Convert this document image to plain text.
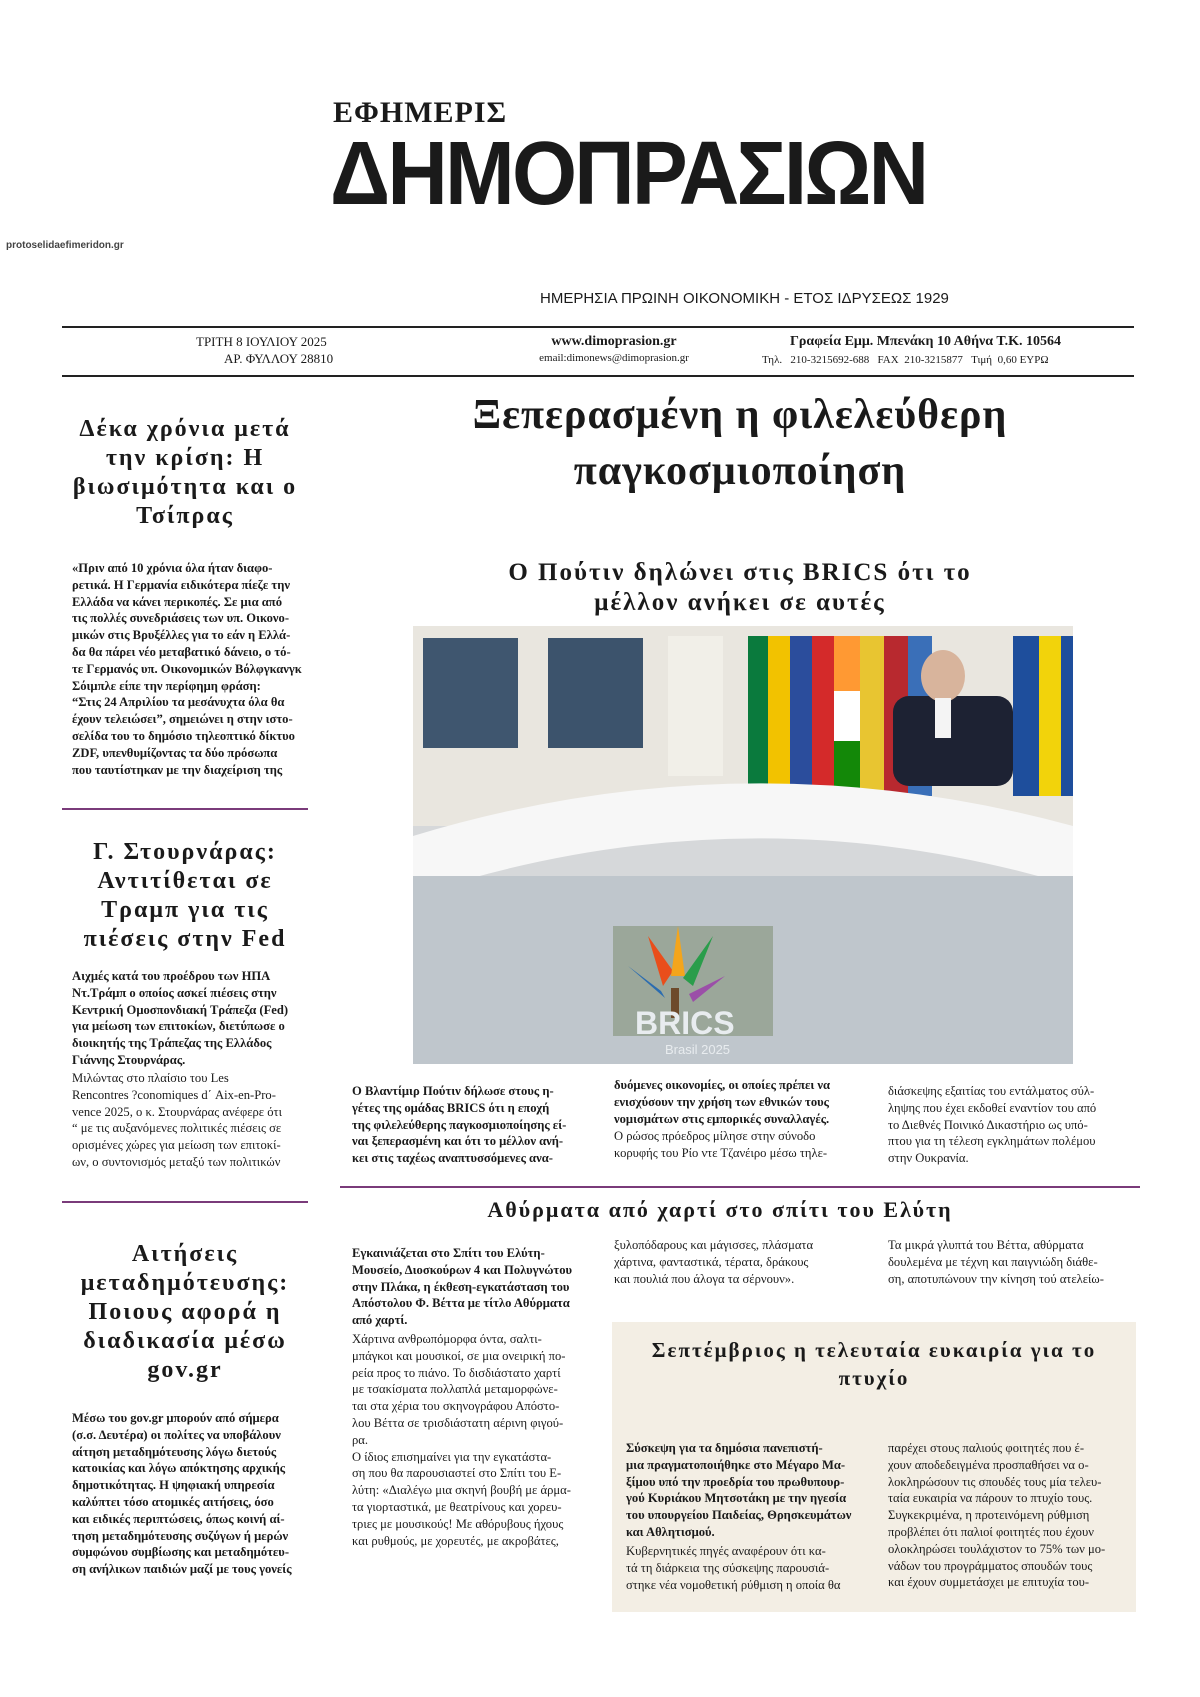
protoselidaefimeridon.gr
ΕΦΗΜΕΡΙΣ
ΔΗΜΟΠΡΑΣΙΩΝ
ΗΜΕΡΗΣΙΑ ΠΡΩΙΝΗ ΟΙΚΟΝΟΜΙΚΗ - ΕΤΟΣ ΙΔΡΥΣΕΩΣ 1929
ΤΡΙΤΗ 8 ΙΟΥΛΙΟΥ 2025
ΑΡ. ΦΥΛΛΟΥ 28810
www.dimoprasion.gr
email:dimonews@dimoprasion.gr
Γραφεία Εμμ. Μπενάκη 10 Αθήνα Τ.Κ. 10564
Τηλ. 210-3215692-688 FAX 210-3215877 Τιμή 0,60 ΕΥΡΩ
Δέκα χρόνια μετά την κρίση: Η βιωσιμότητα και ο Τσίπρας
«Πριν από 10 χρόνια όλα ήταν διαφο-
ρετικά. Η Γερμανία ειδικότερα πίεζε την
Ελλάδα να κάνει περικοπές. Σε μια από
τις πολλές συνεδριάσεις των υπ. Οικονο-
μικών στις Βρυξέλλες για το εάν η Ελλά-
δα θα πάρει νέο μεταβατικό δάνειο, ο τό-
τε Γερμανός υπ. Οικονομικών Βόλφγκανγκ
Σόιμπλε είπε την περίφημη φράση:
“Στις 24 Απριλίου τα μεσάνυχτα όλα θα
έχουν τελειώσει”, σημειώνει η στην ιστο-
σελίδα του το δημόσιο τηλεοπτικό δίκτυο
ZDF, υπενθυμίζοντας τα δύο πρόσωπα
που ταυτίστηκαν με την διαχείριση της
Γ. Στουρνάρας: Αντιτίθεται σε Τραμπ για τις πιέσεις στην Fed
Αιχμές κατά του προέδρου των ΗΠΑ
Ντ.Τράμπ ο οποίος ασκεί πιέσεις στην
Κεντρική Ομοσπονδιακή Τράπεζα (Fed)
για μείωση των επιτοκίων, διετύπωσε ο
διοικητής της Τράπεζας της Ελλάδος
Γιάννης Στουρνάρας.
Μιλώντας στο πλαίσιο του Les
Rencontres ?conomiques d΄ Aix-en-Pro-
vence 2025, ο κ. Στουρνάρας ανέφερε ότι
“ με τις αυξανόμενες πολιτικές πιέσεις σε
ορισμένες χώρες για μείωση των επιτοκί-
ων, ο συντονισμός μεταξύ των πολιτικών
Αιτήσεις μεταδημότευσης: Ποιους αφορά η διαδικασία μέσω gov.gr
Μέσω του gov.gr μπορούν από σήμερα
(σ.σ. Δευτέρα) οι πολίτες να υποβάλουν
αίτηση μεταδημότευσης λόγω διετούς
κατοικίας και λόγω απόκτησης αρχικής
δημοτικότητας. Η ψηφιακή υπηρεσία
καλύπτει τόσο ατομικές αιτήσεις, όσο
και ειδικές περιπτώσεις, όπως κοινή αί-
τηση μεταδημότευσης συζύγων ή μερών
συμφώνου συμβίωσης και μεταδημότευ-
ση ανήλικων παιδιών μαζί με τους γονείς
Ξεπερασμένη η φιλελεύθερη παγκοσμιοποίηση
Ο Πούτιν δηλώνει στις BRICS ότι το μέλλον ανήκει σε αυτές
BRICS
Brasil 2025
Ο Βλαντίμιρ Πούτιν δήλωσε στους η-
γέτες της ομάδας BRICS ότι η εποχή
της φιλελεύθερης παγκοσμιοποίησης εί-
ναι ξεπερασμένη και ότι το μέλλον ανή-
κει στις ταχέως αναπτυσσόμενες ανα-
δυόμενες οικονομίες, οι οποίες πρέπει να
ενισχύσουν την χρήση των εθνικών τους
νομισμάτων στις εμπορικές συναλλαγές.
Ο ρώσος πρόεδρος μίλησε στην σύνοδο
κορυφής του Ρίο ντε Τζανέιρο μέσω τηλε-
διάσκεψης εξαιτίας του εντάλματος σύλ-
ληψης που έχει εκδοθεί εναντίον του από
το Διεθνές Ποινικό Δικαστήριο ως υπό-
πτου για τη τέλεση εγκλημάτων πολέμου
στην Ουκρανία.
Αθύρματα από χαρτί στο σπίτι του Ελύτη
Εγκαινιάζεται στο Σπίτι του Ελύτη-
Μουσείο, Διοσκούρων 4 και Πολυγνώτου
στην Πλάκα, η έκθεση-εγκατάσταση του
Απόστολου Φ. Βέττα με τίτλο Αθύρματα
από χαρτί.
Χάρτινα ανθρωπόμορφα όντα, σαλτι-
μπάγκοι και μουσικοί, σε μια ονειρική πο-
ρεία προς το πιάνο. Το δισδιάστατο χαρτί
με τσακίσματα πολλαπλά μεταμορφώνε-
ται στα χέρια του σκηνογράφου Απόστο-
λου Βέττα σε τρισδιάστατη αέρινη φιγού-
ρα.
Ο ίδιος επισημαίνει για την εγκατάστα-
ση που θα παρουσιαστεί στο Σπίτι του Ε-
λύτη: «Διαλέγω μια σκηνή βουβή με άρμα-
τα γιορταστικά, με θεατρίνους και χορευ-
τριες με μουσικούς! Με αθόρυβους ήχους
και ρυθμούς, με χορευτές, με ακροβάτες,
ξυλοπόδαρους και μάγισσες, πλάσματα
χάρτινα, φανταστικά, τέρατα, δράκους
και πουλιά που άλογα τα σέρνουν».
Τα μικρά γλυπτά του Βέττα, αθύρματα
δουλεμένα με τέχνη και παιγνιώδη διάθε-
ση, αποτυπώνουν την κίνηση τού ατελείω-
Σεπτέμβριος η τελευταία ευκαιρία για το πτυχίο
Σύσκεψη για τα δημόσια πανεπιστή-
μια πραγματοποιήθηκε στο Μέγαρο Μα-
ξίμου υπό την προεδρία του πρωθυπουρ-
γού Κυριάκου Μητσοτάκη με την ηγεσία
του υπουργείου Παιδείας, Θρησκευμάτων
και Αθλητισμού.
Κυβερνητικές πηγές αναφέρουν ότι κα-
τά τη διάρκεια της σύσκεψης παρουσιά-
στηκε νέα νομοθετική ρύθμιση η οποία θα
παρέχει στους παλιούς φοιτητές που έ-
χουν αποδεδειγμένα προσπαθήσει να ο-
λοκληρώσουν τις σπουδές τους μία τελευ-
ταία ευκαιρία να πάρουν το πτυχίο τους.
Συγκεκριμένα, η προτεινόμενη ρύθμιση
προβλέπει ότι παλιοί φοιτητές που έχουν
ολοκληρώσει τουλάχιστον το 75% των μο-
νάδων του προγράμματος σπουδών τους
και έχουν συμμετάσχει με επιτυχία του-
